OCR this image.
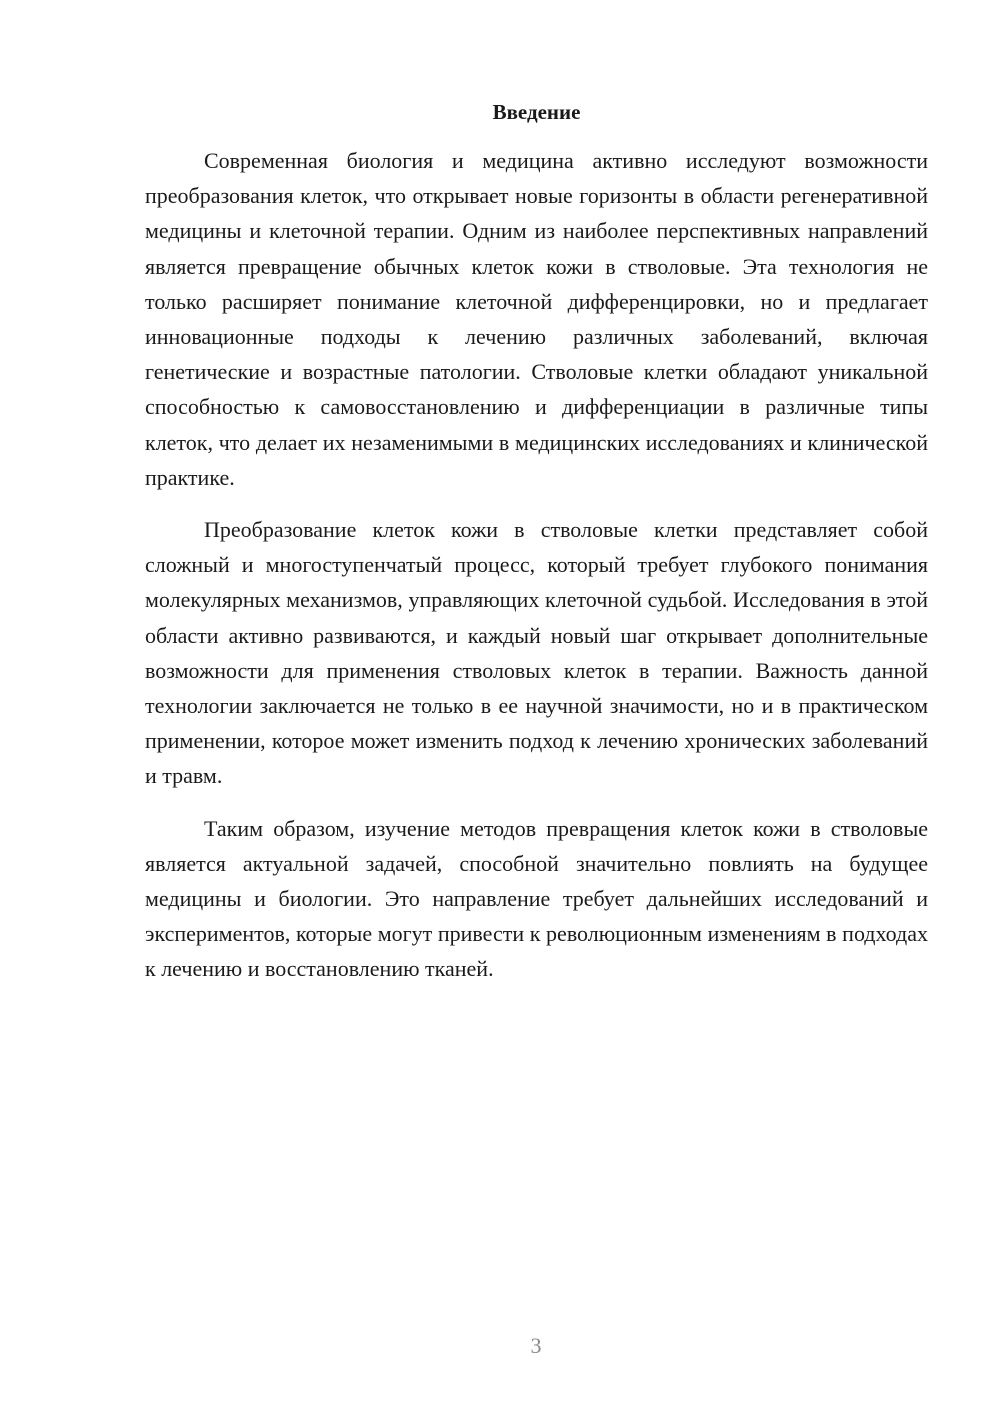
Введение

Современная биология и медицина активно исследуют возможности преобразования клеток, что открывает новые горизонты в области регенеративной медицины и клеточной терапии. Одним из наиболее перспективных направлений является превращение обычных клеток кожи в стволовые. Эта технология не только расширяет понимание клеточной дифференцировки, но и предлагает инновационные подходы к лечению различных заболеваний, включая генетические и возрастные патологии. Стволовые клетки обладают уникальной способностью к самовосстановлению и дифференциации в различные типы клеток, что делает их незаменимыми в медицинских исследованиях и клинической практике.

Преобразование клеток кожи в стволовые клетки представляет собой сложный и многоступенчатый процесс, который требует глубокого понимания молекулярных механизмов, управляющих клеточной судьбой. Исследования в этой области активно развиваются, и каждый новый шаг открывает дополнительные возможности для применения стволовых клеток в терапии. Важность данной технологии заключается не только в ее научной значимости, но и в практическом применении, которое может изменить подход к лечению хронических заболеваний и травм.

Таким образом, изучение методов превращения клеток кожи в стволовые является актуальной задачей, способной значительно повлиять на будущее медицины и биологии. Это направление требует дальнейших исследований и экспериментов, которые могут привести к революционным изменениям в подходах к лечению и восстановлению тканей.

3
